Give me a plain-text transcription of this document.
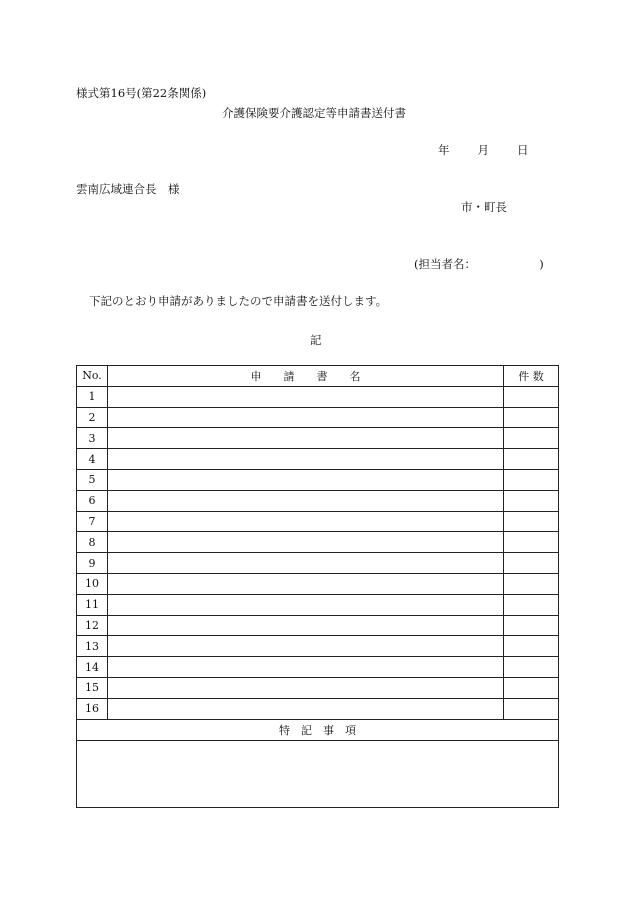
様式第16号(第22条関係)
介護保険要介護認定等申請書送付書
年 月 日
雲南広域連合長　様
市・町長
(担当者名：　　　　　　)
下記のとおり申請がありましたので申請書を送付します。
記
No.	申　　請　　書　　名	件 数
1		
2		
3		
4		
5		
6		
7		
8		
9		
10		
11		
12		
13		
14		
15		
16		
特　記　事　項		
